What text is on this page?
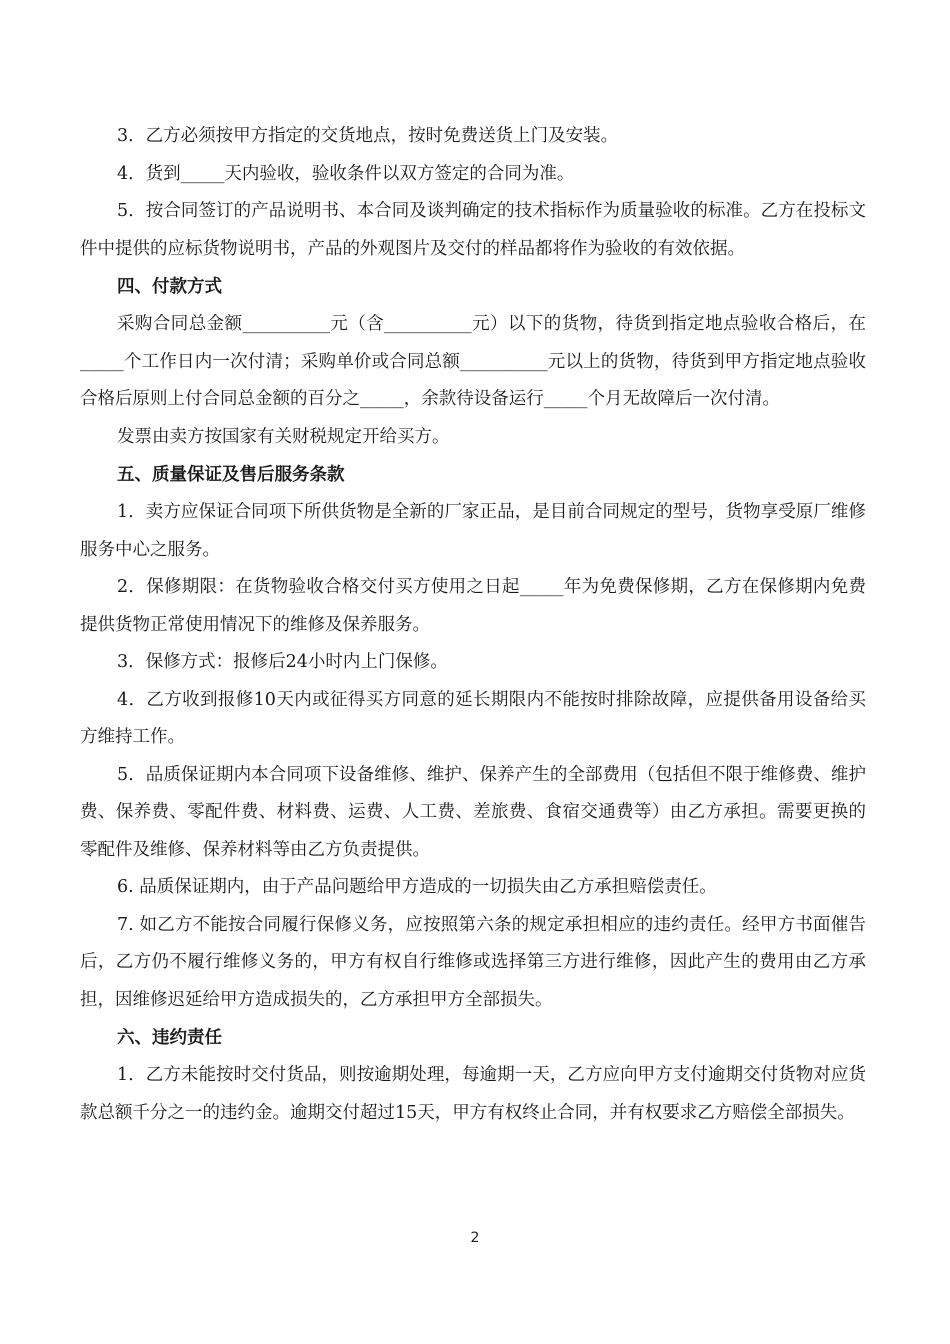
3．乙方必须按甲方指定的交货地点，按时免费送货上门及安装。

4．货到_____天内验收，验收条件以双方签定的合同为准。

5．按合同签订的产品说明书、本合同及谈判确定的技术指标作为质量验收的标准。乙方在投标文件中提供的应标货物说明书，产品的外观图片及交付的样品都将作为验收的有效依据。

四、付款方式

采购合同总金额__________元（含__________元）以下的货物，待货到指定地点验收合格后，在_____个工作日内一次付清；采购单价或合同总额__________元以上的货物，待货到甲方指定地点验收合格后原则上付合同总金额的百分之_____，余款待设备运行_____个月无故障后一次付清。

发票由卖方按国家有关财税规定开给买方。

五、质量保证及售后服务条款

1．卖方应保证合同项下所供货物是全新的厂家正品，是目前合同规定的型号，货物享受原厂维修服务中心之服务。

2．保修期限：在货物验收合格交付买方使用之日起_____年为免费保修期，乙方在保修期内免费提供货物正常使用情况下的维修及保养服务。

3．保修方式：报修后24小时内上门保修。

4．乙方收到报修10天内或征得买方同意的延长期限内不能按时排除故障，应提供备用设备给买方维持工作。

5．品质保证期内本合同项下设备维修、维护、保养产生的全部费用（包括但不限于维修费、维护费、保养费、零配件费、材料费、运费、人工费、差旅费、食宿交通费等）由乙方承担。需要更换的零配件及维修、保养材料等由乙方负责提供。

6. 品质保证期内，由于产品问题给甲方造成的一切损失由乙方承担赔偿责任。

7. 如乙方不能按合同履行保修义务，应按照第六条的规定承担相应的违约责任。经甲方书面催告后，乙方仍不履行维修义务的，甲方有权自行维修或选择第三方进行维修，因此产生的费用由乙方承担，因维修迟延给甲方造成损失的，乙方承担甲方全部损失。

六、违约责任

1．乙方未能按时交付货品，则按逾期处理，每逾期一天，乙方应向甲方支付逾期交付货物对应货款总额千分之一的违约金。逾期交付超过15天，甲方有权终止合同，并有权要求乙方赔偿全部损失。

2
